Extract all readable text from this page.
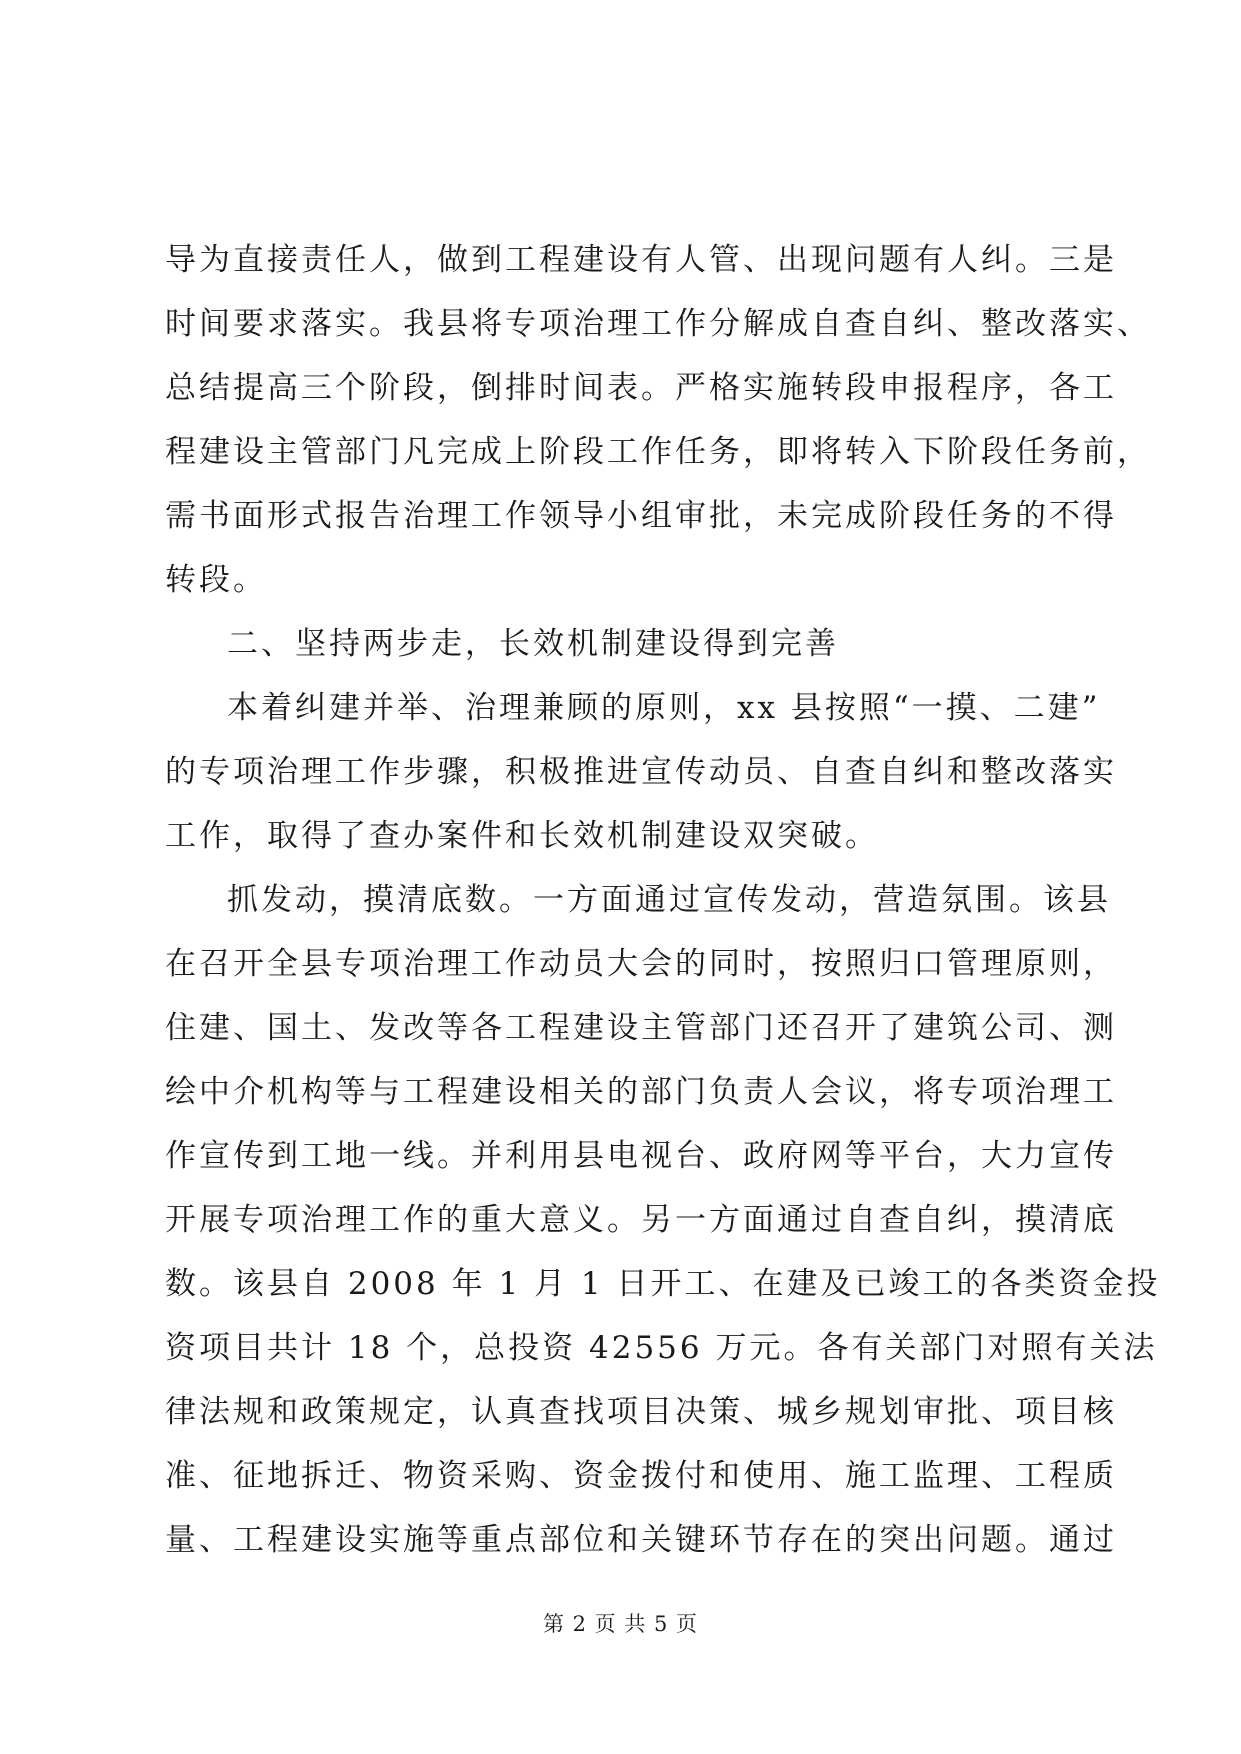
导为直接责任人，做到工程建设有人管、出现问题有人纠。三是
时间要求落实。我县将专项治理工作分解成自查自纠、整改落实、
总结提高三个阶段，倒排时间表。严格实施转段申报程序，各工
程建设主管部门凡完成上阶段工作任务，即将转入下阶段任务前，
需书面形式报告治理工作领导小组审批，未完成阶段任务的不得
转段。
二、坚持两步走，长效机制建设得到完善
本着纠建并举、治理兼顾的原则，xx 县按照“一摸、二建”
的专项治理工作步骤，积极推进宣传动员、自查自纠和整改落实
工作，取得了查办案件和长效机制建设双突破。
抓发动，摸清底数。一方面通过宣传发动，营造氛围。该县
在召开全县专项治理工作动员大会的同时，按照归口管理原则，
住建、国土、发改等各工程建设主管部门还召开了建筑公司、测
绘中介机构等与工程建设相关的部门负责人会议，将专项治理工
作宣传到工地一线。并利用县电视台、政府网等平台，大力宣传
开展专项治理工作的重大意义。另一方面通过自查自纠，摸清底
数。该县自 2008 年 1 月 1 日开工、在建及已竣工的各类资金投
资项目共计 18 个，总投资 42556 万元。各有关部门对照有关法
律法规和政策规定，认真查找项目决策、城乡规划审批、项目核
准、征地拆迁、物资采购、资金拨付和使用、施工监理、工程质
量、工程建设实施等重点部位和关键环节存在的突出问题。通过
第 2 页 共 5 页
